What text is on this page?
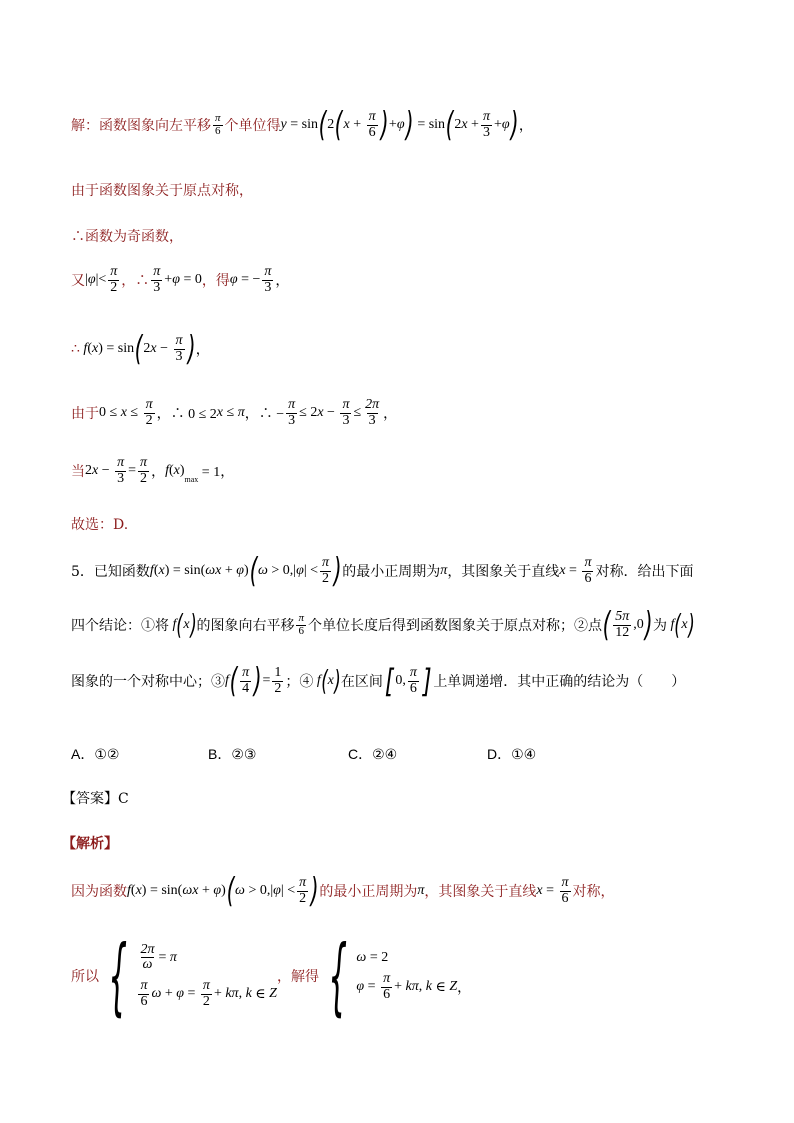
解：函数图象向左平移 $\frac{\pi}{6}$ 个单位得 y = sin ( 2 ( $x + \frac{\pi}{6}$ ) + φ ) = sin ( 2 $x + \frac{\pi}{3} + \varphi$ ) ，
由于函数图象关于原点对称，
∴函数为奇函数，
又 | φ |< $\frac{\pi}{2}$ ，∴ $\frac{\pi}{3} + \varphi = 0$ ，得 φ = − $\frac{\pi}{3}$ ，
∴ f ( x ) = sin ( 2 $x - \frac{\pi}{3}$ ) ，
由于 $0 \le x \le \frac{\pi}{2}$ ，∴ 0 ≤ 2 x ≤ π ，∴ − $\frac{\pi}{3} \le 2$ $x - \frac{\pi}{3} \le \frac{2\pi}{3}$ ，
当 2 $x - \frac{\pi}{3} = \frac{\pi}{2}$ ， f ( x )
max = 1，
故选：D.
5．已知函数 f ( x ) = sin( ωx + φ ) ( ω > 0,| φ | < $\frac{\pi}{2}$ ) 的最小正周期为 π ，其图象关于直线 $x = \frac{\pi}{6}$ 对称．给出下面
四个结论：①将 f ( x ) 的图象向右平移 $\frac{\pi}{6}$ 个单位长度后得到函数图象关于原点对称；②点 ( $\frac{5\pi}{12} ,0$ ) 为 f ( x )
图象的一个对称中心；③ f ( $\frac{\pi}{4}$ ) = $\frac{1}{2}$ ；④ f ( x ) 在区间 [ 0, $\frac{\pi}{6}$ ] 上单调递增．其中正确的结论为（　　）
A．①②	B．②③	C．②④	D．①④
【答案】C
【解析】
因为函数 f ( x ) = sin( ωx + φ ) ( ω > 0,| φ | < $\frac{\pi}{2}$ ) 的最小正周期为 π ，其图象关于直线 $x = \frac{\pi}{6}$ 对称，
所以 { $\frac{2\pi}{\omega} = \pi$
$\frac{\pi}{6}$ $\omega + \varphi = \frac{\pi}{2} + k\pi$ , k ∈ Z
，解得 { ω = 2
$\varphi = \frac{\pi}{6} + k\pi$ , k ∈ Z ，
